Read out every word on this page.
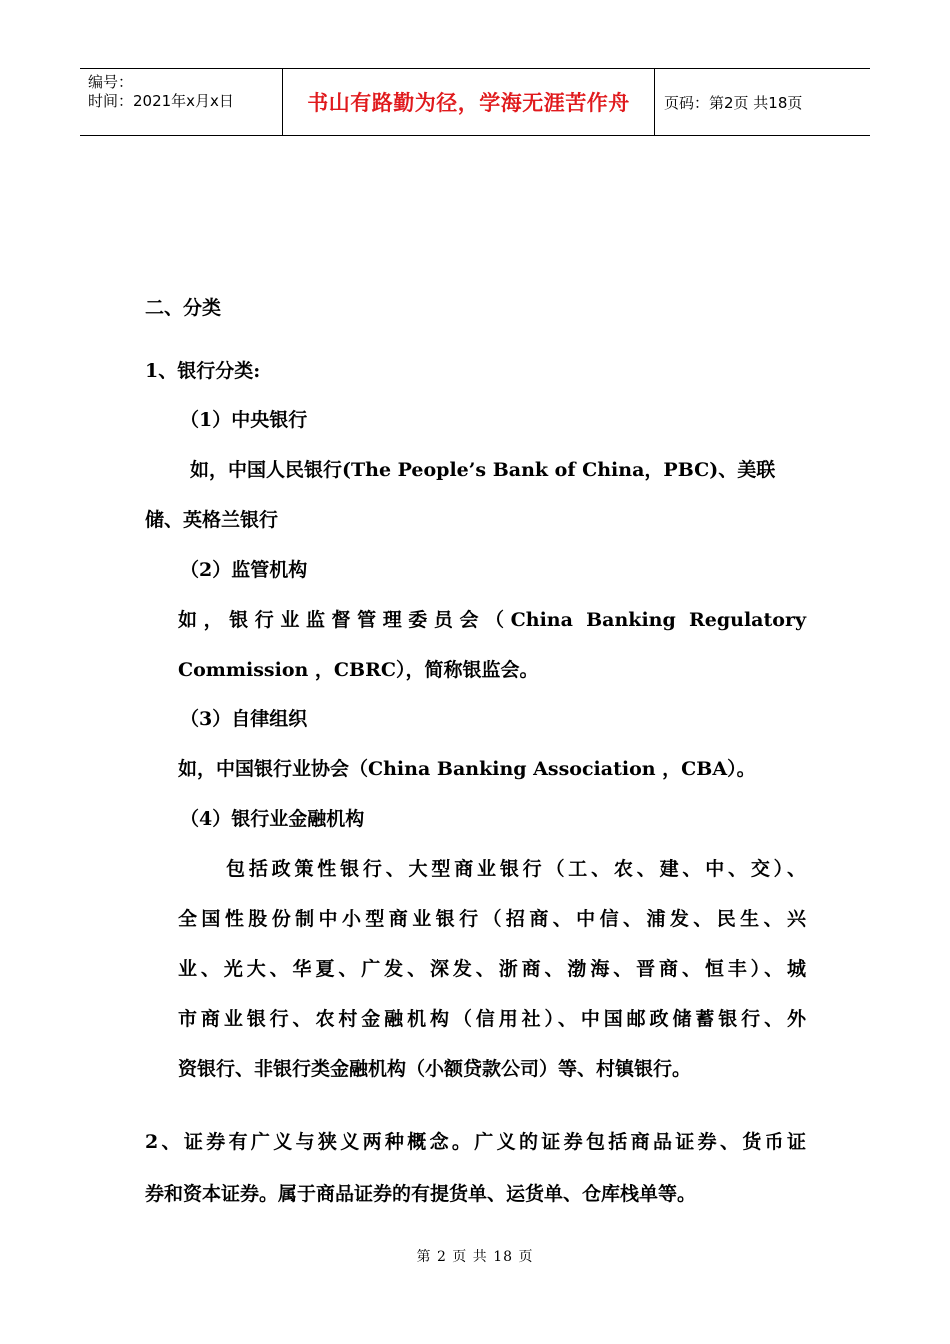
编号：
时间：2021年x月x日	书山有路勤为径，学海无涯苦作舟 页码：第2页 共18页

二、分类

1、银行分类:

（1）中央银行

如，中国人民银行(The People’s Bank of China，PBC)、美联

储、英格兰银行

（2）监管机构

如，银行业监督管理委员会（China Banking Regulatory

Commission ，CBRC），简称银监会。

（3）自律组织

如，中国银行业协会（China Banking Association ，CBA）。

（4）银行业金融机构

包括政策性银行、大型商业银行（工、农、建、中、交）、

全国性股份制中小型商业银行（招商、中信、浦发、民生、兴

业、光大、华夏、广发、深发、浙商、渤海、晋商、恒丰）、城

市商业银行、农村金融机构（信用社）、中国邮政储蓄银行、外

资银行、非银行类金融机构（小额贷款公司）等、村镇银行。

2、证券有广义与狭义两种概念。广义的证券包括商品证券、货币证

券和资本证券。属于商品证券的有提货单、运货单、仓库栈单等。

第 2 页 共 18 页
